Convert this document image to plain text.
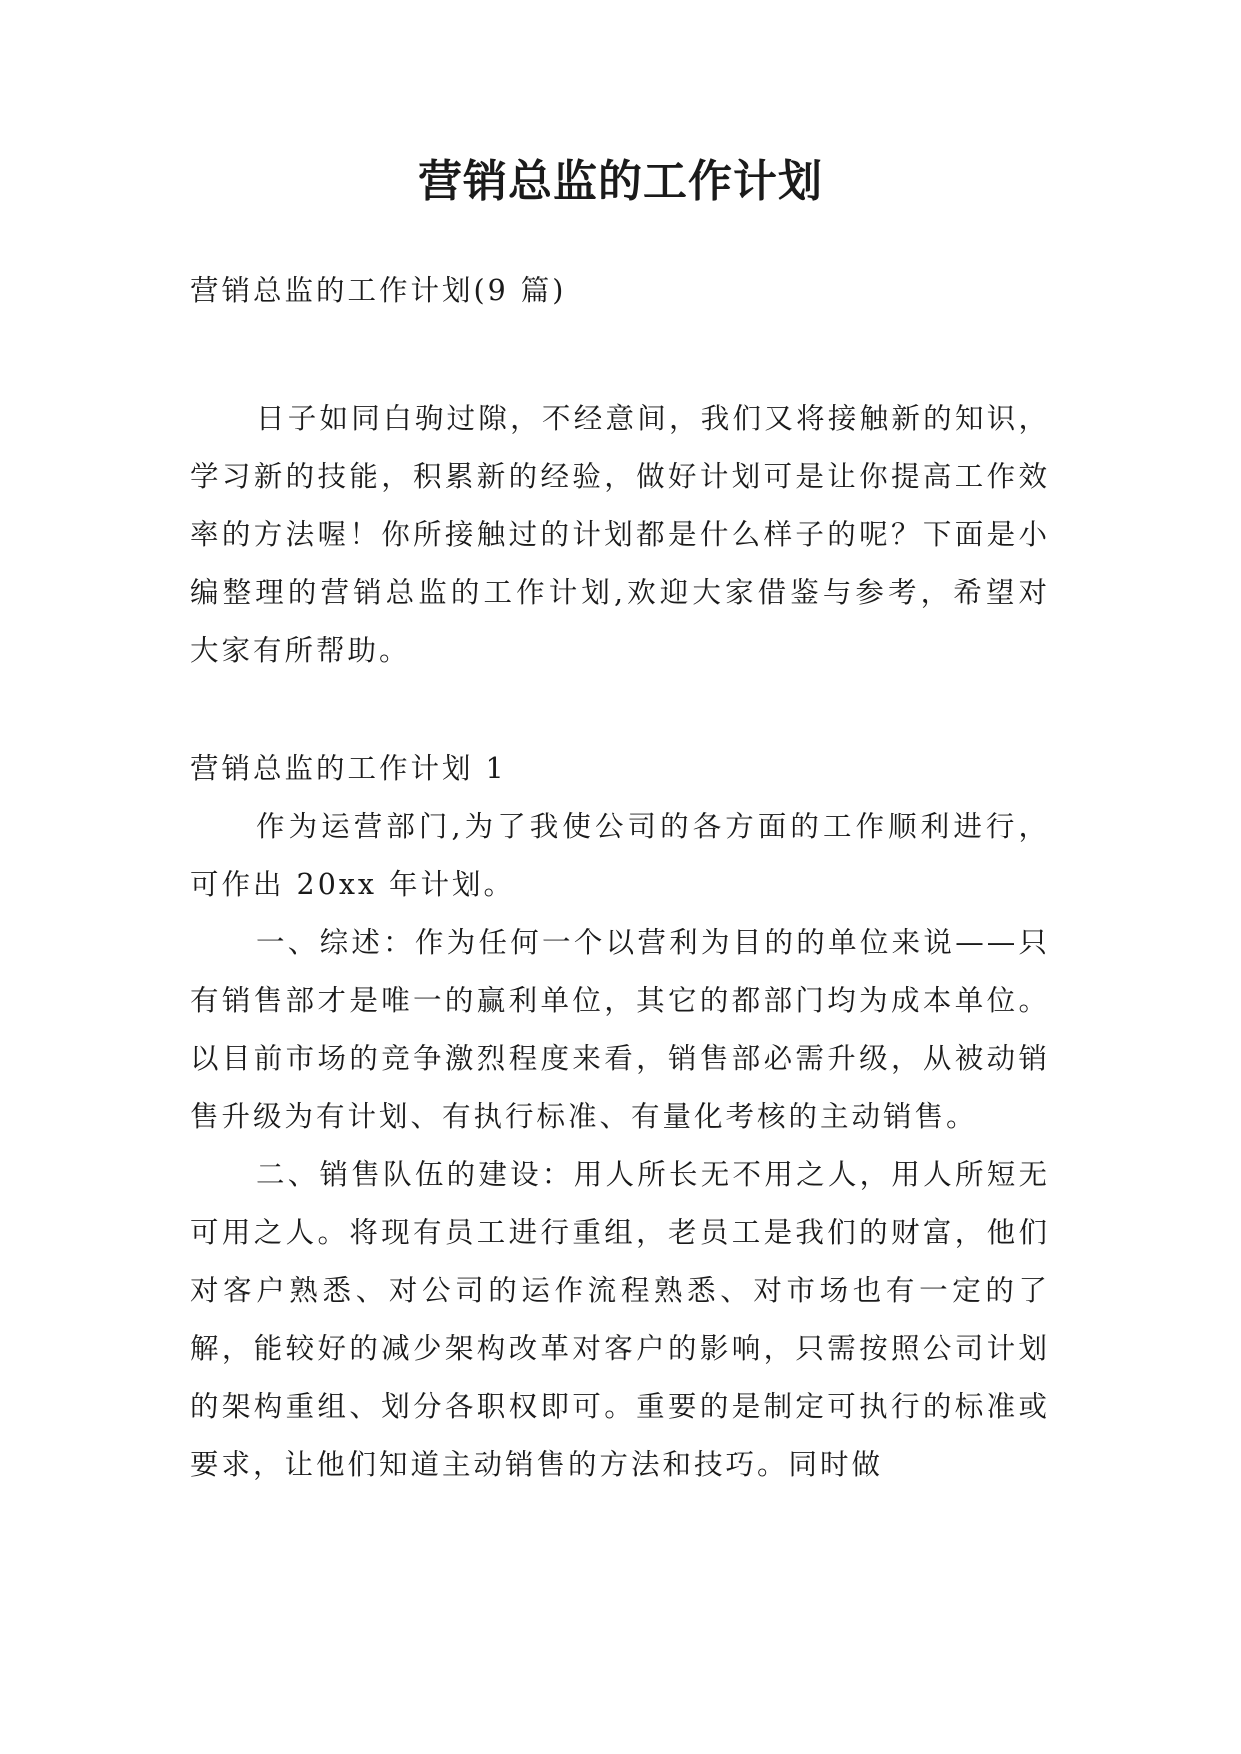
营销总监的工作计划

营销总监的工作计划(9 篇)

日子如同白驹过隙，不经意间，我们又将接触新的知识，学习新的技能，积累新的经验，做好计划可是让你提高工作效率的方法喔！你所接触过的计划都是什么样子的呢？下面是小编整理的营销总监的工作计划,欢迎大家借鉴与参考，希望对大家有所帮助。

营销总监的工作计划 1

作为运营部门,为了我使公司的各方面的工作顺利进行，可作出 20xx 年计划。

一、综述：作为任何一个以营利为目的的单位来说——只有销售部才是唯一的赢利单位，其它的都部门均为成本单位。以目前市场的竞争激烈程度来看，销售部必需升级，从被动销售升级为有计划、有执行标准、有量化考核的主动销售。

二、销售队伍的建设：用人所长无不用之人，用人所短无可用之人。将现有员工进行重组，老员工是我们的财富，他们对客户熟悉、对公司的运作流程熟悉、对市场也有一定的了解，能较好的减少架构改革对客户的影响，只需按照公司计划的架构重组、划分各职权即可。重要的是制定可执行的标准或要求，让他们知道主动销售的方法和技巧。同时做
